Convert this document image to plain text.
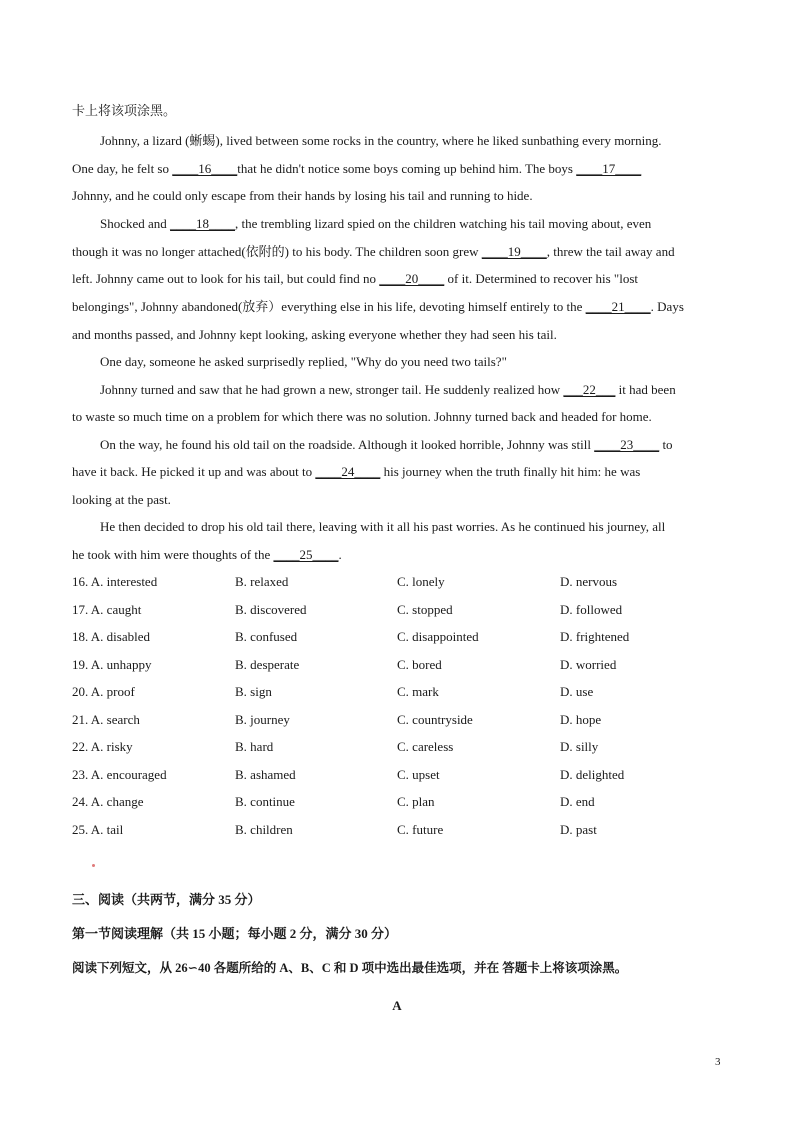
卡上将该项涂黑。
Johnny, a lizard (蜥蜴), lived between some rocks in the country, where he liked sunbathing every morning.
One day, he felt so ____16____that he didn't notice some boys coming up behind him. The boys ____17____
Johnny, and he could only escape from their hands by losing his tail and running to hide.
Shocked and ____18____, the trembling lizard spied on the children watching his tail moving about, even
though it was no longer attached(依附的) to his body. The children soon grew ____19____, threw the tail away and
left. Johnny came out to look for his tail, but could find no ____20____ of it. Determined to recover his "lost
belongings", Johnny abandoned(放弃）everything else in his life, devoting himself entirely to the ____21____. Days
and months passed, and Johnny kept looking, asking everyone whether they had seen his tail.
One day, someone he asked surprisedly replied, "Why do you need two tails?"
Johnny turned and saw that he had grown a new, stronger tail. He suddenly realized how ___22___ it had been
to waste so much time on a problem for which there was no solution. Johnny turned back and headed for home.
On the way, he found his old tail on the roadside. Although it looked horrible, Johnny was still ____23____ to
have it back. He picked it up and was about to ____24____ his journey when the truth finally hit him: he was
looking at the past.
He then decided to drop his old tail there, leaving with it all his past worries. As he continued his journey, all
he took with him were thoughts of the ____25____.
16. A. interested	B. relaxed	C. lonely	D. nervous
17. A. caught	B. discovered	C. stopped	D. followed
18. A. disabled	B. confused	C. disappointed	D. frightened
19. A. unhappy	B. desperate	C. bored	D. worried
20. A. proof	B. sign	C. mark	D. use
21. A. search	B. journey	C. countryside	D. hope
22. A. risky	B. hard	C. careless	D. silly
23. A. encouraged	B. ashamed	C. upset	D. delighted
24. A. change	B. continue	C. plan	D. end
25. A. tail	B. children	C. future	D. past
三、阅读（共两节，满分 35 分）
第一节阅读理解（共 15 小题；每小题 2 分，满分 30 分）
阅读下列短文，从 26∽40 各题所给的 A、B、C 和 D 项中选出最佳选项，并在 答题卡上将该项涂黑。
A
3
